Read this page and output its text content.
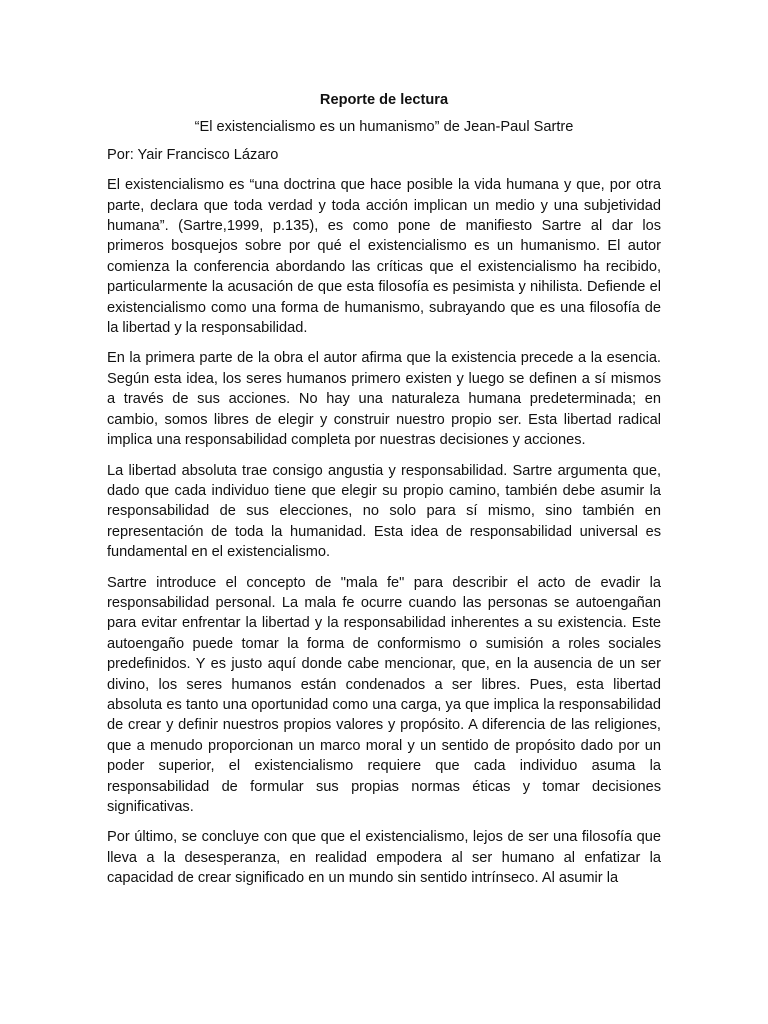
Reporte de lectura

“El existencialismo es un humanismo” de Jean-Paul Sartre

Por: Yair Francisco Lázaro

El existencialismo es “una doctrina que hace posible la vida humana y que, por otra parte, declara que toda verdad y toda acción implican un medio y una subjetividad humana”. (Sartre,1999, p.135), es como pone de manifiesto Sartre al dar los primeros bosquejos sobre por qué el existencialismo es un humanismo. El autor comienza la conferencia abordando las críticas que el existencialismo ha recibido, particularmente la acusación de que esta filosofía es pesimista y nihilista. Defiende el existencialismo como una forma de humanismo, subrayando que es una filosofía de la libertad y la responsabilidad.

En la primera parte de la obra el autor afirma que la existencia precede a la esencia. Según esta idea, los seres humanos primero existen y luego se definen a sí mismos a través de sus acciones. No hay una naturaleza humana predeterminada; en cambio, somos libres de elegir y construir nuestro propio ser. Esta libertad radical implica una responsabilidad completa por nuestras decisiones y acciones.

La libertad absoluta trae consigo angustia y responsabilidad. Sartre argumenta que, dado que cada individuo tiene que elegir su propio camino, también debe asumir la responsabilidad de sus elecciones, no solo para sí mismo, sino también en representación de toda la humanidad. Esta idea de responsabilidad universal es fundamental en el existencialismo.

Sartre introduce el concepto de "mala fe" para describir el acto de evadir la responsabilidad personal. La mala fe ocurre cuando las personas se autoengañan para evitar enfrentar la libertad y la responsabilidad inherentes a su existencia. Este autoengaño puede tomar la forma de conformismo o sumisión a roles sociales predefinidos. Y es justo aquí donde cabe mencionar, que, en la ausencia de un ser divino, los seres humanos están condenados a ser libres. Pues, esta libertad absoluta es tanto una oportunidad como una carga, ya que implica la responsabilidad de crear y definir nuestros propios valores y propósito. A diferencia de las religiones, que a menudo proporcionan un marco moral y un sentido de propósito dado por un poder superior, el existencialismo requiere que cada individuo asuma la responsabilidad de formular sus propias normas éticas y tomar decisiones significativas.

Por último, se concluye con que que el existencialismo, lejos de ser una filosofía que lleva a la desesperanza, en realidad empodera al ser humano al enfatizar la capacidad de crear significado en un mundo sin sentido intrínseco. Al asumir la
